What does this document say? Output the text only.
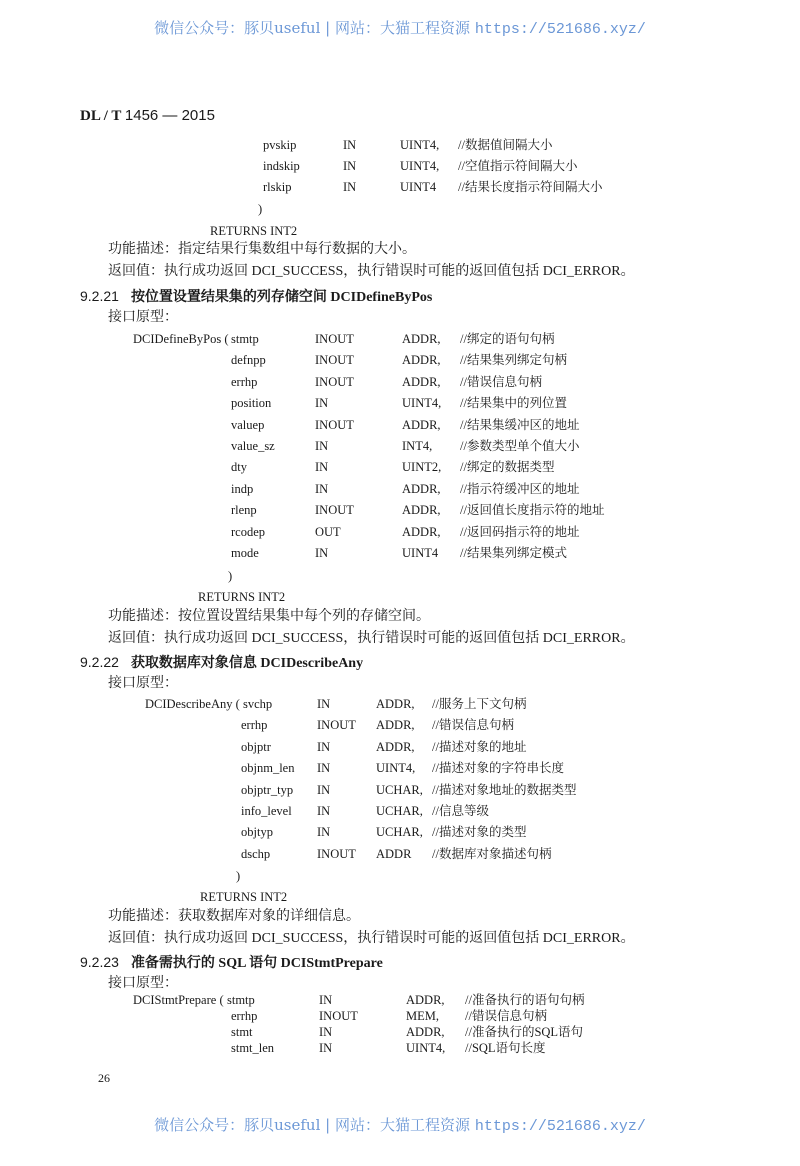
微信公众号：豚贝useful | 网站：大猫工程资源 https://521686.xyz/
DL / T 1456 — 2015
pvskip	IN	UINT4, //数据值间隔大小
indskip	IN	UINT4, //空值指示符间隔大小
rlskip	IN	UINT4 //结果长度指示符间隔大小
)
RETURNS INT2
功能描述：指定结果行集数组中每行数据的大小。
返回值：执行成功返回 DCI_SUCCESS，执行错误时可能的返回值包括 DCI_ERROR。
9.2.21 按位置设置结果集的列存储空间 DCIDefineByPos
接口原型：
DCIDefineByPos ( stmtp	INOUT	ADDR, //绑定的语句句柄
defnpp	INOUT	ADDR, //结果集列绑定句柄
errhp	INOUT	ADDR, //错误信息句柄
position	IN	UINT4, //结果集中的列位置
valuep	INOUT	ADDR, //结果集缓冲区的地址
value_sz	IN	INT4, //参数类型单个值大小
dty	IN	UINT2, //绑定的数据类型
indp	IN	ADDR, //指示符缓冲区的地址
rlenp	INOUT	ADDR, //返回值长度指示符的地址
rcodep	OUT	ADDR, //返回码指示符的地址
mode	IN	UINT4 //结果集列绑定模式
)
RETURNS INT2
功能描述：按位置设置结果集中每个列的存储空间。
返回值：执行成功返回 DCI_SUCCESS，执行错误时可能的返回值包括 DCI_ERROR。
9.2.22 获取数据库对象信息 DCIDescribeAny
接口原型：
DCIDescribeAny ( svchp	IN	ADDR, //服务上下文句柄
errhp	INOUT ADDR, //错误信息句柄
objptr	IN	ADDR, //描述对象的地址
objnm_len IN	UINT4, //描述对象的字符串长度
objptr_typ IN	UCHAR, //描述对象地址的数据类型
info_level IN	UCHAR, //信息等级
objtyp	IN	UCHAR, //描述对象的类型
dschp	INOUT ADDR //数据库对象描述句柄
)
RETURNS INT2
功能描述：获取数据库对象的详细信息。
返回值：执行成功返回 DCI_SUCCESS，执行错误时可能的返回值包括 DCI_ERROR。
9.2.23 准备需执行的 SQL 语句 DCIStmtPrepare
接口原型：
DCIStmtPrepare ( stmtp	IN	ADDR, //准备执行的语句句柄
errhp	INOUT	MEM, //错误信息句柄
stmt	IN	ADDR, //准备执行的SQL语句
stmt_len	IN	UINT4, //SQL语句长度
26
微信公众号：豚贝useful | 网站：大猫工程资源 https://521686.xyz/
